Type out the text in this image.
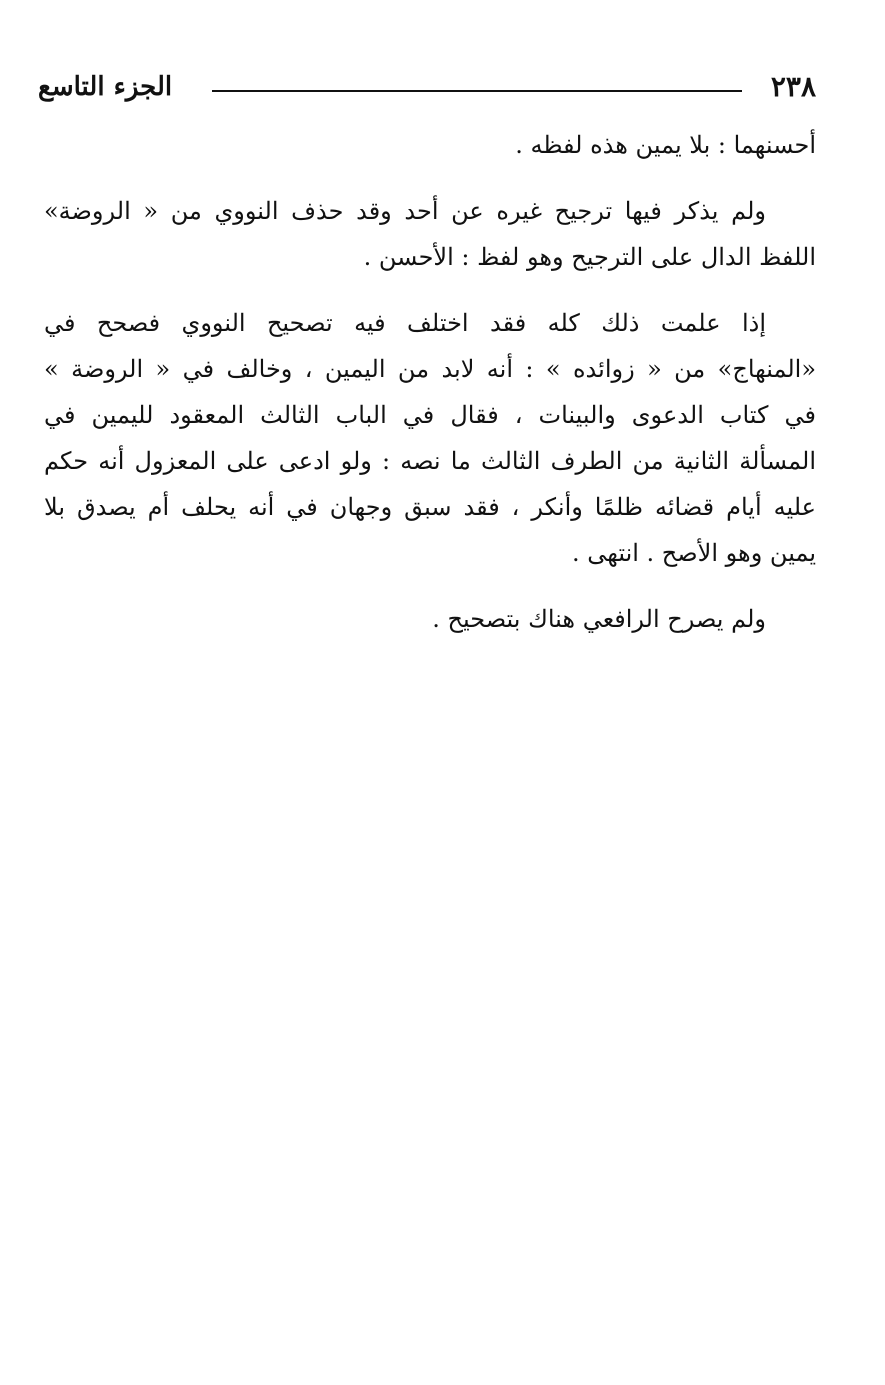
٢٣٨
الجزء التاسع

أحسنهما : بلا يمين هذه لفظه .

ولم يذكر فيها ترجيح غيره عن أحد وقد حذف النووي من « الروضة»
اللفظ الدال على الترجيح وهو لفظ : الأحسن .

إذا علمت ذلك كله فقد اختلف فيه تصحيح النووي فصحح في
«المنهاج» من « زوائده » : أنه لابد من اليمين ، وخالف في « الروضة »
في كتاب الدعوى والبينات ، فقال في الباب الثالث المعقود لليمين في
المسألة الثانية من الطرف الثالث ما نصه : ولو ادعى على المعزول أنه حكم
عليه أيام قضائه ظلمًا وأنكر ، فقد سبق وجهان في أنه يحلف أم يصدق بلا
يمين وهو الأصح . انتهى .

ولم يصرح الرافعي هناك بتصحيح .
